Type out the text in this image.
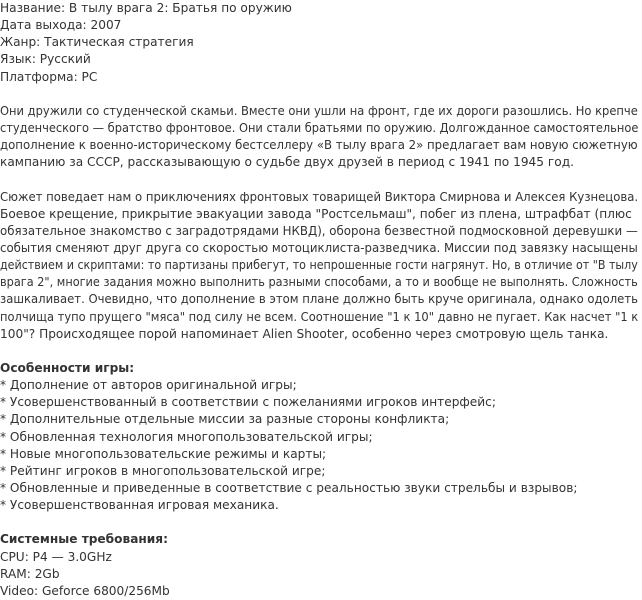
Название: В тылу врага 2: Братья по оружию
Дата выхода: 2007
Жанр: Тактическая стратегия
Язык: Русский
Платформа: PC
Они дружили со студенческой скамьи. Вместе они ушли на фронт, где их дороги разошлись. Но крепче
студенческого — братство фронтовое. Они стали братьями по оружию. Долгожданное самостоятельное
дополнение к военно-историческому бестселлеру «В тылу врага 2» предлагает вам новую сюжетную
кампанию за СССР, рассказывающую о судьбе двух друзей в период с 1941 по 1945 год.
Сюжет поведает нам о приключениях фронтовых товарищей Виктора Смирнова и Алексея Кузнецова.
Боевое крещение, прикрытие эвакуации завода "Ростсельмаш", побег из плена, штрафбат (плюс
обязательное знакомство с заградотрядами НКВД), оборона безвестной подмосковной деревушки —
события сменяют друг друга со скоростью мотоциклиста-разведчика. Миссии под завязку насыщены
действием и скриптами: то партизаны прибегут, то непрошенные гости нагрянут. Но, в отличие от "В тылу
врага 2", многие задания можно выполнить разными способами, а то и вообще не выполнять. Сложность
зашкаливает. Очевидно, что дополнение в этом плане должно быть круче оригинала, однако одолеть
полчища тупо прущего "мяса" под силу не всем. Соотношение "1 к 10" давно не пугает. Как насчет "1 к
100"? Происходящее порой напоминает Alien Shooter, особенно через смотровую щель танка.
Особенности игры:
* Дополнение от авторов оригинальной игры;
* Усовершенствованный в соответствии с пожеланиями игроков интерфейс;
* Дополнительные отдельные миссии за разные стороны конфликта;
* Обновленная технология многопользовательской игры;
* Новые многопользовательские режимы и карты;
* Рейтинг игроков в многопользовательской игре;
* Обновленные и приведенные в соответствие с реальностью звуки стрельбы и взрывов;
* Усовершенствованная игровая механика.
Системные требования:
CPU: P4 — 3.0GHz
RAM: 2Gb
Video: Geforce 6800/256Mb
